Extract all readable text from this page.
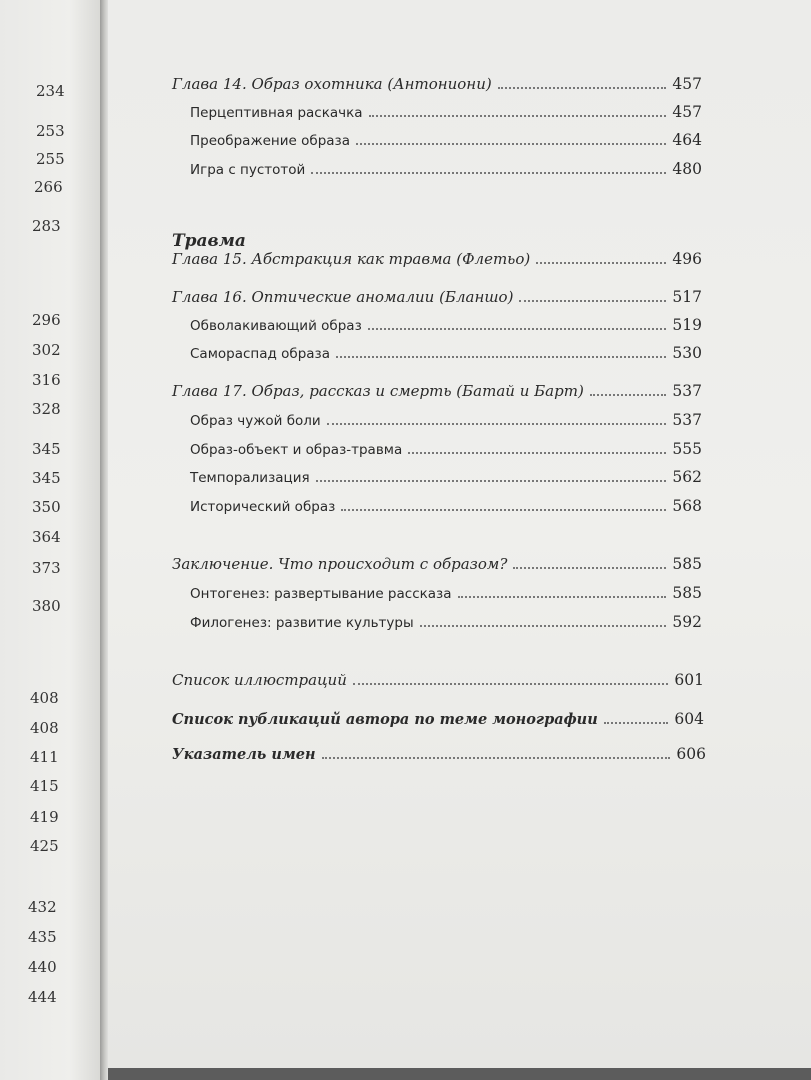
234
253
255
266
283
296
302
316
328
345
345
350
364
373
380
408
408
411
415
419
425
432
435
440
444
Глава 14. Образ охотника (Антониони)	457
Перцептивная раскачка	457
Преображение образа	464
Игра с пустотой	480
Травма
Глава 15. Абстракция как травма (Флетьо)	496
Глава 16. Оптические аномалии (Бланшо)	517
Обволакивающий образ	519
Самораспад образа	530
Глава 17. Образ, рассказ и смерть (Батай и Барт)	537
Образ чужой боли	537
Образ-объект и образ-травма	555
Темпорализация	562
Исторический образ	568
Заключение. Что происходит с образом?	585
Онтогенез: развертывание рассказа	585
Филогенез: развитие культуры	592
Список иллюстраций	601
Список публикаций автора по теме монографии	604
Указатель имен	606
